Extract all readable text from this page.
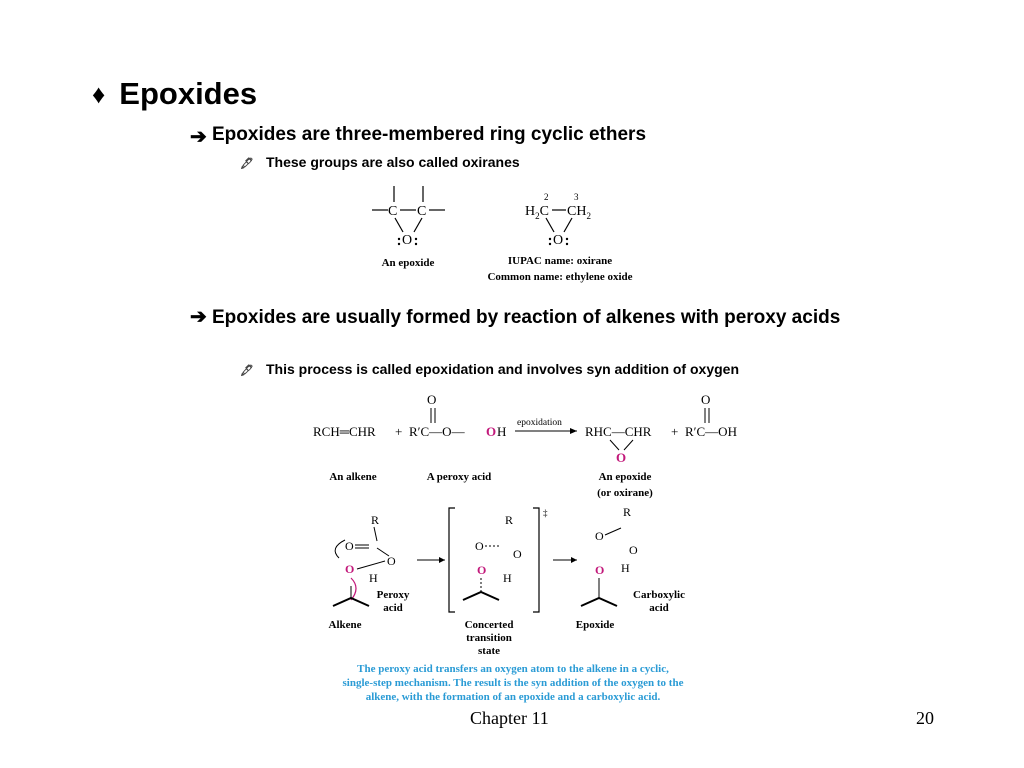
♦ Epoxides
➔ Epoxides are three-membered ring cyclic ethers
🖋 These groups are also called oxiranes
C C
O
An epoxide
2	3
$H_2C$ $CH_2$
O
IUPAC name: oxirane
Common name: ethylene oxide
➔ Epoxides are usually formed by reaction of alkenes with peroxy acids
🖋 This process is called epoxidation and involves syn addition of oxygen
RCH═CHR + R′C—O— O H
O
epoxidation
RHC—CHR
O
+ R′C—OH
O
An alkene	A peroxy acid	An epoxide
(or oxirane)
R
O
O
O
H
Peroxy
acid
Alkene
‡
R
O
O
O
H
Concerted
transition
state
R
O
O
H
O
Epoxide
Carboxylic
acid
The peroxy acid transfers an oxygen atom to the alkene in a cyclic,
single-step mechanism. The result is the syn addition of the oxygen to the
alkene, with the formation of an epoxide and a carboxylic acid.
Chapter 11	20
